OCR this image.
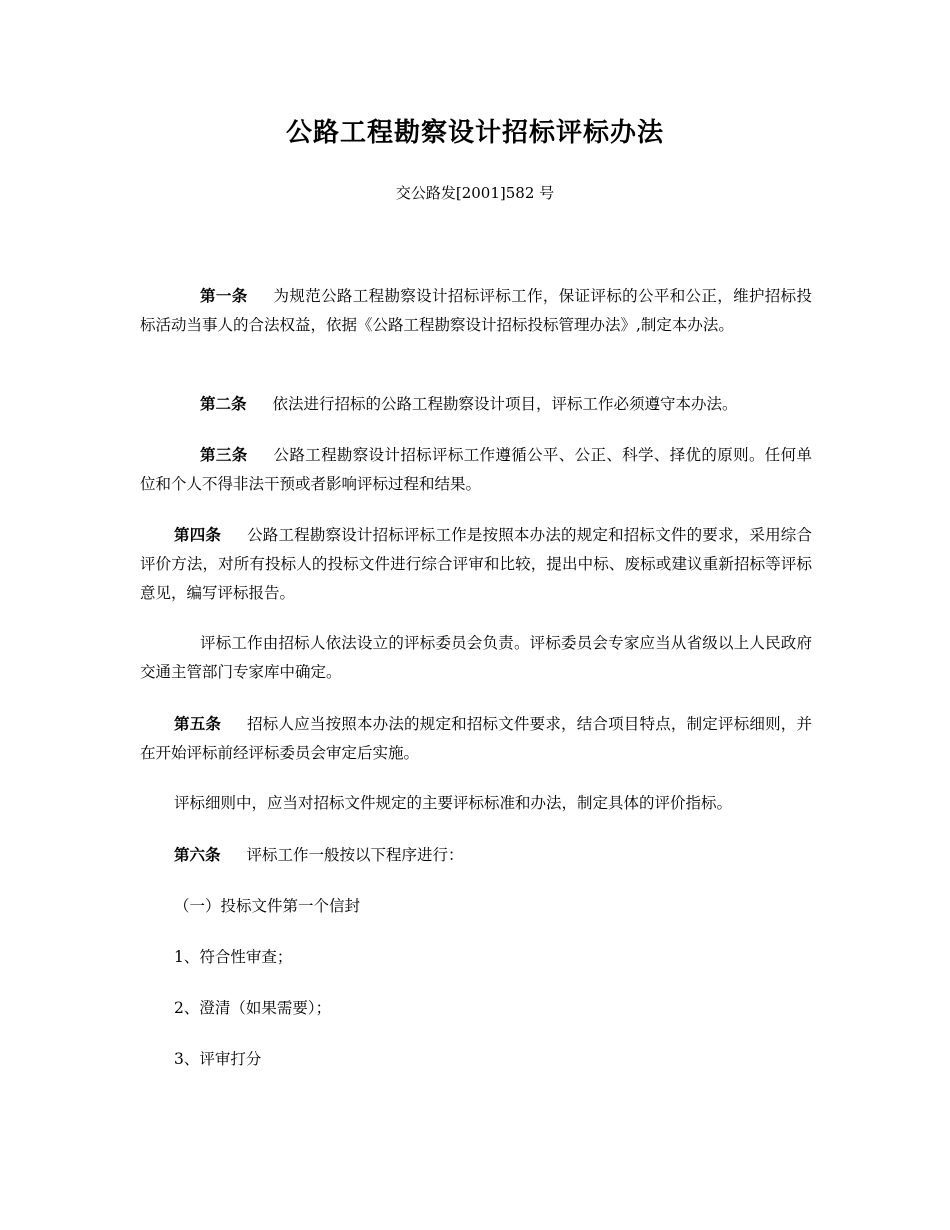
公路工程勘察设计招标评标办法

交公路发[2001]582 号

第一条 为规范公路工程勘察设计招标评标工作，保证评标的公平和公正，维护招标投标活动当事人的合法权益，依据《公路工程勘察设计招标投标管理办法》,制定本办法。

第二条 依法进行招标的公路工程勘察设计项目，评标工作必须遵守本办法。

第三条 公路工程勘察设计招标评标工作遵循公平、公正、科学、择优的原则。任何单位和个人不得非法干预或者影响评标过程和结果。

第四条 公路工程勘察设计招标评标工作是按照本办法的规定和招标文件的要求，采用综合评价方法，对所有投标人的投标文件进行综合评审和比较，提出中标、废标或建议重新招标等评标意见，编写评标报告。

评标工作由招标人依法设立的评标委员会负责。评标委员会专家应当从省级以上人民政府交通主管部门专家库中确定。

第五条 招标人应当按照本办法的规定和招标文件要求，结合项目特点，制定评标细则，并在开始评标前经评标委员会审定后实施。

评标细则中，应当对招标文件规定的主要评标标准和办法，制定具体的评价指标。

第六条 评标工作一般按以下程序进行：

（一）投标文件第一个信封

1、符合性审查；

2、澄清（如果需要）；

3、评审打分
